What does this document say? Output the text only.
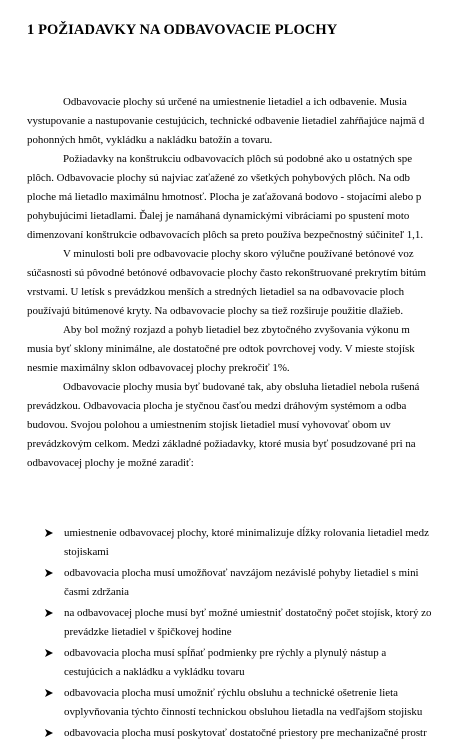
1 POŽIADAVKY NA ODBAVOVACIE PLOCHY

Odbavovacie plochy sú určené na umiestnenie lietadiel a ich odbavenie. Musia

vystupovanie a nastupovanie cestujúcich, technické odbavenie lietadiel zahŕňajúce najmä d

pohonných hmôt, vykládku a nakládku batožín a tovaru.

Požiadavky na konštrukciu odbavovacích plôch sú podobné ako u ostatných spe

plôch. Odbavovacie plochy sú najviac zaťažené zo všetkých pohybových plôch. Na odb

ploche má lietadlo maximálnu hmotnosť. Plocha je zaťažovaná bodovo - stojacími alebo p

pohybujúcimi lietadlami. Ďalej je namáhaná dynamickými vibráciami po spustení moto

dimenzovaní konštrukcie odbavovacích plôch sa preto používa bezpečnostný súčiniteľ 1,1.

V minulosti boli pre odbavovacie plochy skoro výlučne používané betónové voz

súčasnosti sú pôvodné betónové odbavovacie plochy často rekonštruované prekrytím bitúm

vrstvami. U letísk s prevádzkou menších a stredných lietadiel sa na odbavovacie ploch

používajú bitúmenové kryty. Na odbavovacie plochy sa tiež rozširuje použitie dlažieb.

Aby bol možný rozjazd a pohyb lietadiel bez zbytočného zvyšovania výkonu m

musia byť sklony minimálne, ale dostatočné pre odtok povrchovej vody. V mieste stojísk

nesmie maximálny sklon odbavovacej plochy prekročiť 1%.

Odbavovacie plochy musia byť budované tak, aby obsluha lietadiel nebola rušená

prevádzkou. Odbavovacia plocha je styčnou časťou medzi dráhovým systémom a odba

budovou. Svojou polohou a umiestnením stojísk lietadiel musí vyhovovať obom uv

prevádzkovým celkom. Medzi základné požiadavky, ktoré musia byť posudzované pri na

odbavovacej plochy je možné zaradiť:

umiestnenie odbavovacej plochy, ktoré minimalizuje dĺžky rolovania lietadiel medz

stojiskami

odbavovacia plocha musí umožňovať navzájom nezávislé pohyby lietadiel s mini

časmi zdržania

na odbavovacej ploche musí byť možné umiestniť dostatočný počet stojísk, ktorý zo

prevádzke lietadiel v špičkovej hodine

odbavovacia plocha musí spĺňať podmienky pre rýchly a plynulý nástup a

cestujúcich a nakládku a vykládku tovaru

odbavovacia plocha musí umožniť rýchlu obsluhu a technické ošetrenie lieta

ovplyvňovania týchto činností technickou obsluhou lietadla na vedľajšom stojisku

odbavovacia plocha musí poskytovať dostatočné priestory pre mechanizačné prostr
